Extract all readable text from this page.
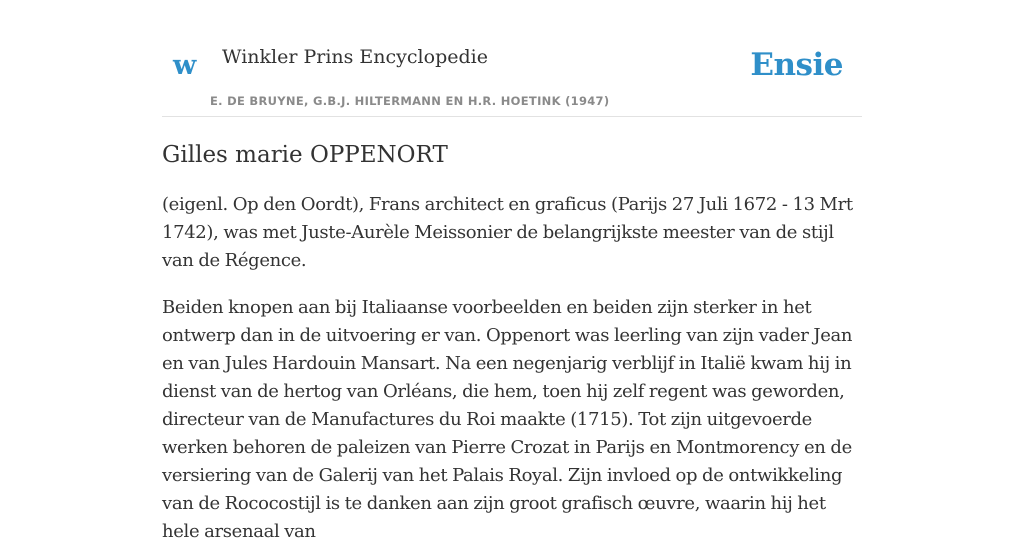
w Winkler Prins Encyclopedie
E. DE BRUYNE, G.B.J. HILTERMANN EN H.R. HOETINK (1947)
Ensie
Gilles marie OPPENORT

(eigenl. Op den Oordt), Frans architect en graficus (Parijs 27 Juli 1672 - 13 Mrt 1742), was met Juste-Aurèle Meissonier de belangrijkste meester van de stijl van de Régence.

Beiden knopen aan bij Italiaanse voorbeelden en beiden zijn sterker in het ontwerp dan in de uitvoering er van. Oppenort was leerling van zijn vader Jean en van Jules Hardouin Mansart. Na een negenjarig verblijf in Italië kwam hij in dienst van de hertog van Orléans, die hem, toen hij zelf regent was geworden, directeur van de Manufactures du Roi maakte (1715). Tot zijn uitgevoerde werken behoren de paleizen van Pierre Crozat in Parijs en Montmorency en de versiering van de Galerij van het Palais Royal. Zijn invloed op de ontwikkeling van de Rococostijl is te danken aan zijn groot grafisch œuvre, waarin hij het hele arsenaal van
